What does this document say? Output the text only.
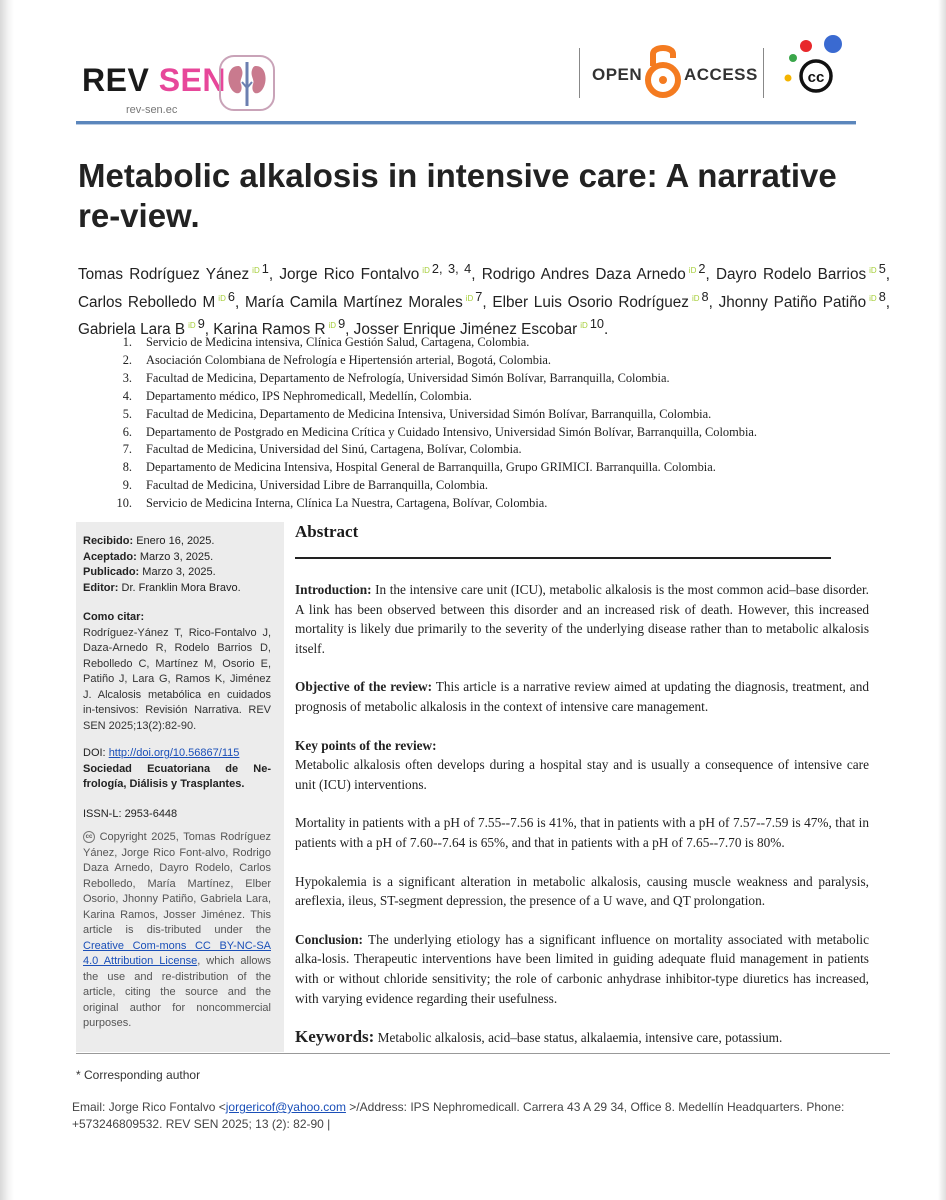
REV SEN
rev-sen.ec
OPEN ACCESS	cc
Metabolic alkalosis in intensive care: A narrative re-view.
Tomas Rodríguez Yánez $^{iD}$ $^1$, Jorge Rico Fontalvo $^{iD}$ $^{2, 3, 4}$, Rodrigo Andres Daza Arnedo $^{iD}$ $^2$, Dayro Rodelo Barrios $^{iD}$ $^5$, Carlos Rebolledo M $^{iD}$ $^6$, María Camila Martínez Morales $^{iD}$ $^7$, Elber Luis Osorio Rodríguez $^{iD}$ $^8$, Jhonny Patiño Patiño $^{iD}$ $^8$, Gabriela Lara B $^{iD}$ $^9$, Karina Ramos R $^{iD}$ $^9$, Josser Enrique Jiménez Escobar $^{iD}$ $^{10}$.
1. Servicio de Medicina intensiva, Clínica Gestión Salud, Cartagena, Colombia.
2. Asociación Colombiana de Nefrología e Hipertensión arterial, Bogotá, Colombia.
3. Facultad de Medicina, Departamento de Nefrología, Universidad Simón Bolívar, Barranquilla, Colombia.
4. Departamento médico, IPS Nephromedicall, Medellín, Colombia.
5. Facultad de Medicina, Departamento de Medicina Intensiva, Universidad Simón Bolívar, Barranquilla, Colombia.
6. Departamento de Postgrado en Medicina Crítica y Cuidado Intensivo, Universidad Simón Bolívar, Barranquilla, Colombia.
7. Facultad de Medicina, Universidad del Sinú, Cartagena, Bolívar, Colombia.
8. Departamento de Medicina Intensiva, Hospital General de Barranquilla, Grupo GRIMICI. Barranquilla. Colombia.
9. Facultad de Medicina, Universidad Libre de Barranquilla, Colombia.
10. Servicio de Medicina Interna, Clínica La Nuestra, Cartagena, Bolívar, Colombia.
Recibido: Enero 16, 2025.
Aceptado: Marzo 3, 2025.
Publicado: Marzo 3, 2025.
Editor: Dr. Franklin Mora Bravo.
Como citar:
Rodríguez-Yánez T, Rico-Fontalvo J, Daza-Arnedo R, Rodelo Barrios D, Rebolledo C, Martínez M, Osorio E, Patiño J, Lara G, Ramos K, Jiménez J. Alcalosis metabólica en cuidados in-tensivos: Revisión Narrativa. REV SEN 2025;13(2):82-90.
DOI: http://doi.org/10.56867/115
Sociedad Ecuatoriana de Ne-frología, Diálisis y Trasplantes.
ISSN-L: 2953-6448
cc Copyright 2025, Tomas Rodríguez Yánez, Jorge Rico Font-alvo, Rodrigo Daza Arnedo, Dayro Rodelo, Carlos Rebolledo, María Martínez, Elber Osorio, Jhonny Patiño, Gabriela Lara, Karina Ramos, Josser Jiménez. This article is dis-tributed under the Creative Com-mons CC BY-NC-SA 4.0 Attribution License, which allows the use and re-distribution of the article, citing the source and the original author for noncommercial purposes.
Abstract

Introduction: In the intensive care unit (ICU), metabolic alkalosis is the most common acid–base disorder. A link has been observed between this disorder and an increased risk of death. However, this increased mortality is likely due primarily to the severity of the underlying disease rather than to metabolic alkalosis itself.

Objective of the review: This article is a narrative review aimed at updating the diagnosis, treatment, and prognosis of metabolic alkalosis in the context of intensive care management.

Key points of the review:
Metabolic alkalosis often develops during a hospital stay and is usually a consequence of intensive care unit (ICU) interventions.

Mortality in patients with a pH of 7.55--7.56 is 41%, that in patients with a pH of 7.57--7.59 is 47%, that in patients with a pH of 7.60--7.64 is 65%, and that in patients with a pH of 7.65--7.70 is 80%.

Hypokalemia is a significant alteration in metabolic alkalosis, causing muscle weakness and paralysis, areflexia, ileus, ST-segment depression, the presence of a U wave, and QT prolongation.

Conclusion: The underlying etiology has a significant influence on mortality associated with metabolic alka-losis. Therapeutic interventions have been limited in guiding adequate fluid management in patients with or without chloride sensitivity; the role of carbonic anhydrase inhibitor-type diuretics has increased, with varying evidence regarding their usefulness.

Keywords: Metabolic alkalosis, acid–base status, alkalaemia, intensive care, potassium.

* Corresponding author
Email: Jorge Rico Fontalvo <jorgericof@yahoo.com >/Address: IPS Nephromedicall. Carrera 43 A 29 34, Office 8. Medellín Headquarters. Phone: +573246809532. REV SEN 2025; 13 (2): 82-90 |
